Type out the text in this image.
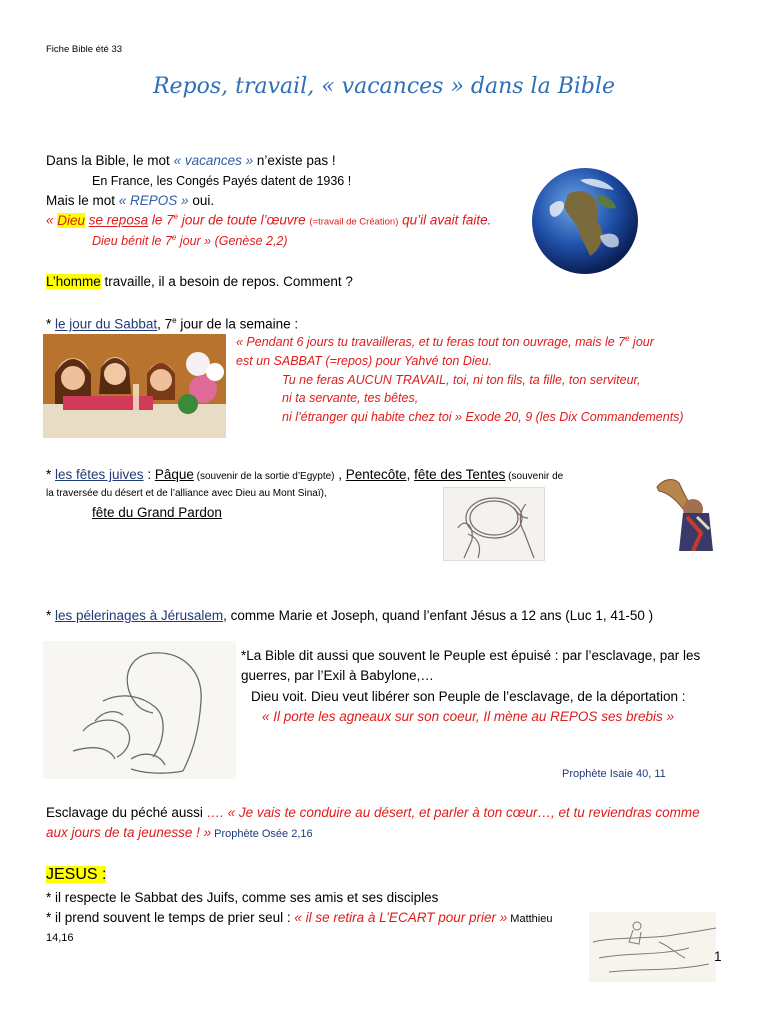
Fiche Bible été 33
Repos, travail, « vacances » dans la Bible
Dans la Bible, le mot « vacances » n’existe pas !
En France, les Congés Payés datent de 1936 !
Mais le mot « REPOS » oui.
« Dieu se reposa le 7e jour de toute l’œuvre (=travail de Création) qu’il avait faite.
Dieu bénit le 7e jour » (Genèse 2,2)
L’homme travaille, il a besoin de repos. Comment ?
* le jour du Sabbat, 7e jour de la semaine :
« Pendant 6 jours tu travailleras, et tu feras tout ton ouvrage, mais le 7e jour
est un SABBAT (=repos) pour Yahvé ton Dieu.
Tu ne feras AUCUN TRAVAIL, toi, ni ton fils, ta fille, ton serviteur,
ni ta servante, tes bêtes,
ni l’étranger qui habite chez toi » Exode 20, 9 (les Dix Commandements)
* les fêtes juives : Pâque (souvenir de la sortie d’Egypte) , Pentecôte, fête des Tentes (souvenir de
la traversée du désert et de l’alliance avec Dieu au Mont Sinaï),
fête du Grand Pardon
* les pélerinages à Jérusalem, comme Marie et Joseph, quand l’enfant Jésus a 12 ans (Luc 1, 41-50 )
*La Bible dit aussi que souvent le Peuple est épuisé : par l’esclavage, par les
guerres, par l’Exil à Babylone,…
Dieu voit. Dieu veut libérer son Peuple de l’esclavage, de la déportation :
« Il porte les agneaux sur son coeur, Il mène au REPOS ses brebis »
Prophète Isaie 40, 11
Esclavage du péché aussi …. « Je vais te conduire au désert, et parler à ton cœur…, et tu reviendras comme
aux jours de ta jeunesse ! » Prophète Osée 2,16
JESUS :
* il respecte le Sabbat des Juifs, comme ses amis et ses disciples
* il prend souvent le temps de prier seul : « il se retira à L’ECART pour prier » Matthieu
14,16
1
